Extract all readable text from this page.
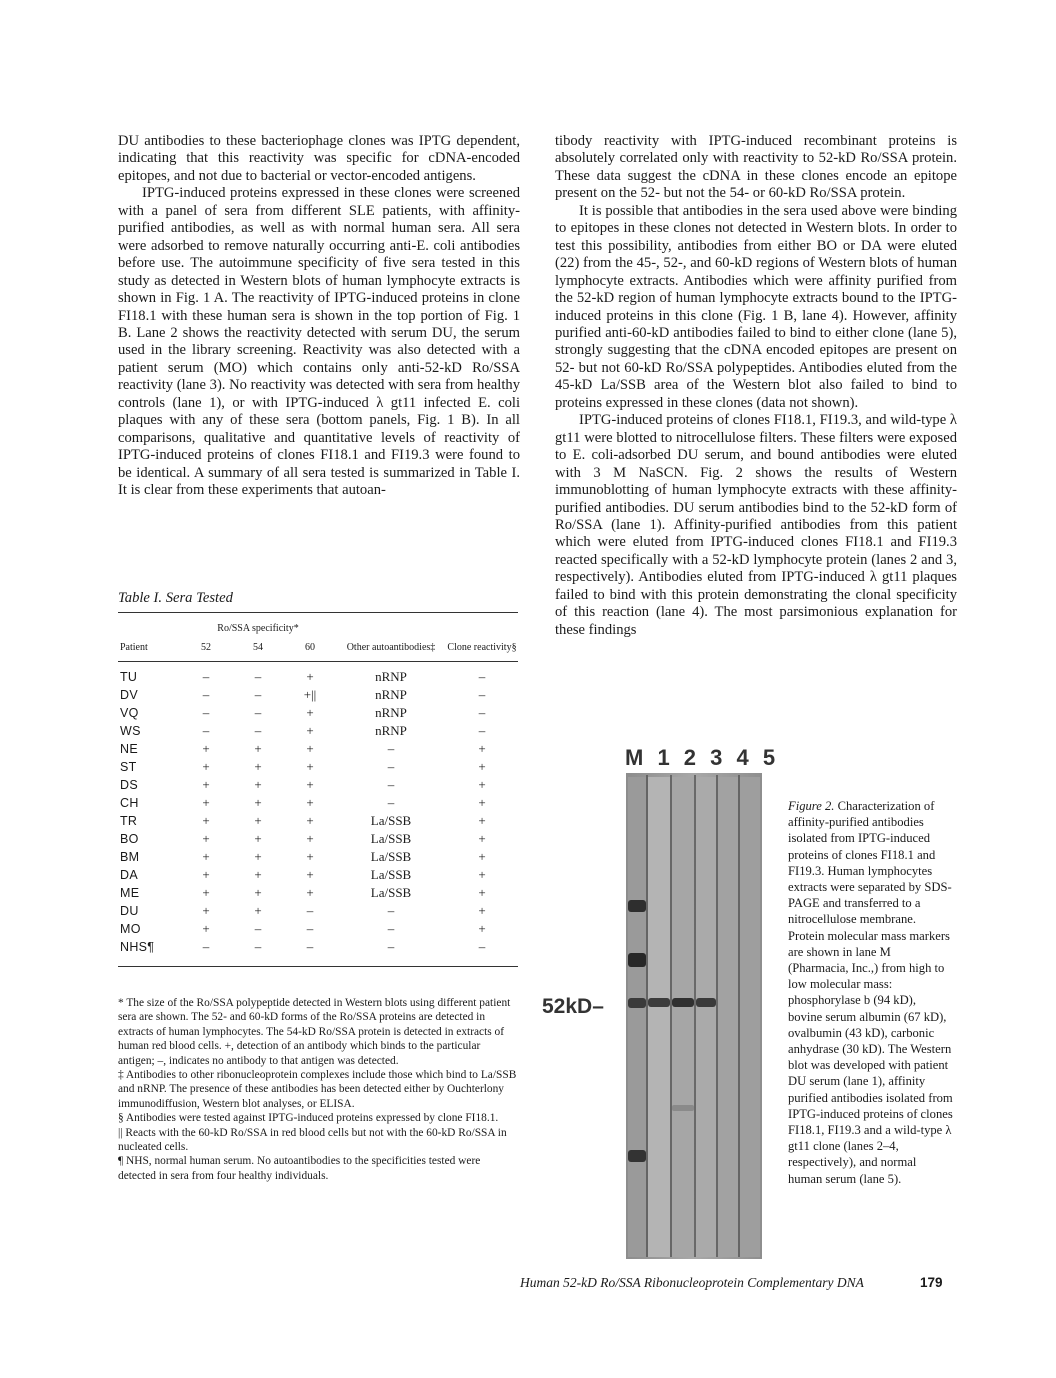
DU antibodies to these bacteriophage clones was IPTG dependent, indicating that this reactivity was specific for cDNA-encoded epitopes, and not due to bacterial or vector-encoded antigens.

IPTG-induced proteins expressed in these clones were screened with a panel of sera from different SLE patients, with affinity-purified antibodies, as well as with normal human sera. All sera were adsorbed to remove naturally occurring anti-E. coli antibodies before use. The autoimmune specificity of five sera tested in this study as detected in Western blots of human lymphocyte extracts is shown in Fig. 1 A. The reactivity of IPTG-induced proteins in clone FI18.1 with these human sera is shown in the top portion of Fig. 1 B. Lane 2 shows the reactivity detected with serum DU, the serum used in the library screening. Reactivity was also detected with a patient serum (MO) which contains only anti-52-kD Ro/SSA reactivity (lane 3). No reactivity was detected with sera from healthy controls (lane 1), or with IPTG-induced λ gt11 infected E. coli plaques with any of these sera (bottom panels, Fig. 1 B). In all comparisons, qualitative and quantitative levels of reactivity of IPTG-induced proteins of clones FI18.1 and FI19.3 were found to be identical. A summary of all sera tested is summarized in Table I. It is clear from these experiments that autoan-

tibody reactivity with IPTG-induced recombinant proteins is absolutely correlated only with reactivity to 52-kD Ro/SSA protein. These data suggest the cDNA in these clones encode an epitope present on the 52- but not the 54- or 60-kD Ro/SSA protein.

It is possible that antibodies in the sera used above were binding to epitopes in these clones not detected in Western blots. In order to test this possibility, antibodies from either BO or DA were eluted (22) from the 45-, 52-, and 60-kD regions of Western blots of human lymphocyte extracts. Antibodies which were affinity purified from the 52-kD region of human lymphocyte extracts bound to the IPTG-induced proteins in this clone (Fig. 1 B, lane 4). However, affinity purified anti-60-kD antibodies failed to bind to either clone (lane 5), strongly suggesting that the cDNA encoded epitopes are present on 52- but not 60-kD Ro/SSA polypeptides. Antibodies eluted from the 45-kD La/SSB area of the Western blot also failed to bind to proteins expressed in these clones (data not shown).

IPTG-induced proteins of clones FI18.1, FI19.3, and wild-type λ gt11 were blotted to nitrocellulose filters. These filters were exposed to E. coli-adsorbed DU serum, and bound antibodies were eluted with 3 M NaSCN. Fig. 2 shows the results of Western immunoblotting of human lymphocyte extracts with these affinity-purified antibodies. DU serum antibodies bind to the 52-kD form of Ro/SSA (lane 1). Affinity-purified antibodies from this patient which were eluted from IPTG-induced clones FI18.1 and FI19.3 reacted specifically with a 52-kD lymphocyte protein (lanes 2 and 3, respectively). Antibodies eluted from IPTG-induced λ gt11 plaques failed to bind with this protein demonstrating the clonal specificity of this reaction (lane 4). The most parsimonious explanation for these findings

Table I. Sera Tested
	Ro/SSA specificity*				
Patient	52	54	60	Other autoantibodies‡	Clone reactivity§

TU	–	–	+	nRNP	–
DV	–	–	+||	nRNP	–
VQ	–	–	+	nRNP	–
WS	–	–	+	nRNP	–
NE	+	+	+	–	+
ST	+	+	+	–	+
DS	+	+	+	–	+
CH	+	+	+	–	+
TR	+	+	+	La/SSB	+
BO	+	+	+	La/SSB	+
BM	+	+	+	La/SSB	+
DA	+	+	+	La/SSB	+
ME	+	+	+	La/SSB	+
DU	+	+	–	–	+
MO	+	–	–	–	+
NHS¶	–	–	–	–	–

* The size of the Ro/SSA polypeptide detected in Western blots using different patient sera are shown. The 52- and 60-kD forms of the Ro/SSA proteins are detected in extracts of human lymphocytes. The 54-kD Ro/SSA protein is detected in extracts of human red blood cells. +, detection of an antibody which binds to the particular antigen; –, indicates no antibody to that antigen was detected.

‡ Antibodies to other ribonucleoprotein complexes include those which bind to La/SSB and nRNP. The presence of these antibodies has been detected either by Ouchterlony immunodiffusion, Western blot analyses, or ELISA.

§ Antibodies were tested against IPTG-induced proteins expressed by clone FI18.1.

|| Reacts with the 60-kD Ro/SSA in red blood cells but not with the 60-kD Ro/SSA in nucleated cells.

¶ NHS, normal human serum. No autoantibodies to the specificities tested were detected in sera from four healthy individuals.

M 1 2 3 4 5
52kD–

Figure 2. Characterization of affinity-purified antibodies isolated from IPTG-induced proteins of clones FI18.1 and FI19.3. Human lymphocytes extracts were separated by SDS-PAGE and transferred to a nitrocellulose membrane. Protein molecular mass markers are shown in lane M (Pharmacia, Inc.,) from high to low molecular mass: phosphorylase b (94 kD), bovine serum albumin (67 kD), ovalbumin (43 kD), carbonic anhydrase (30 kD). The Western blot was developed with patient DU serum (lane 1), affinity purified antibodies isolated from IPTG-induced proteins of clones FI18.1, FI19.3 and a wild-type λ gt11 clone (lanes 2–4, respectively), and normal human serum (lane 5).

Human 52-kD Ro/SSA Ribonucleoprotein Complementary DNA	179
